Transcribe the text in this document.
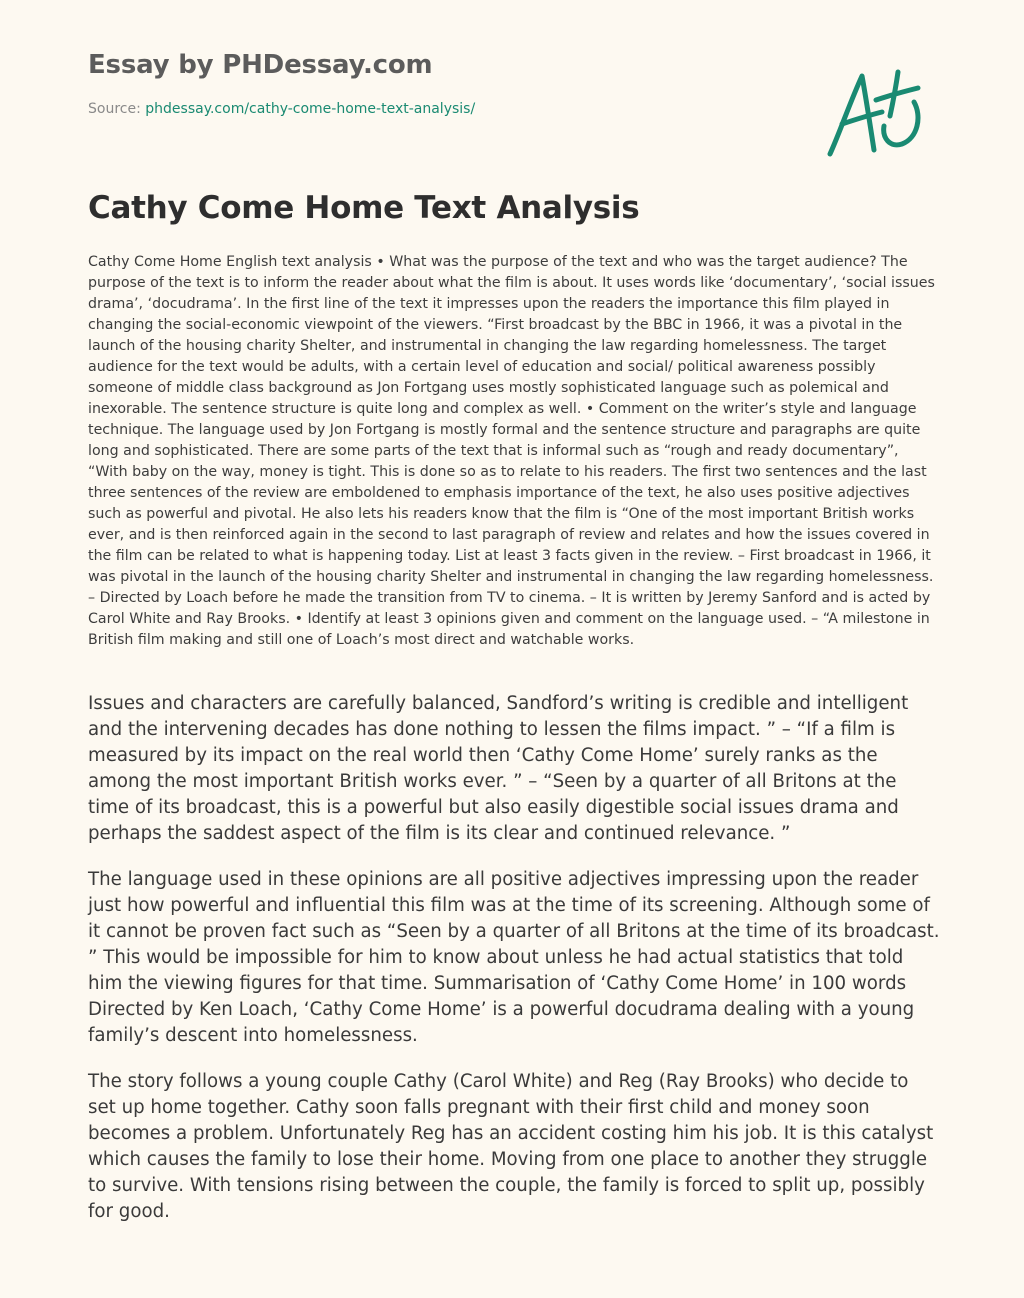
Essay by PHDessay.com

Source: phdessay.com/cathy-come-home-text-analysis/

Cathy Come Home Text Analysis

Cathy Come Home English text analysis • What was the purpose of the text and who was the target audience? The purpose of the text is to inform the reader about what the film is about. It uses words like ‘documentary’, ‘social issues drama’, ‘docudrama’. In the first line of the text it impresses upon the readers the importance this film played in changing the social-economic viewpoint of the viewers. “First broadcast by the BBC in 1966, it was a pivotal in the launch of the housing charity Shelter, and instrumental in changing the law regarding homelessness. The target audience for the text would be adults, with a certain level of education and social/ political awareness possibly someone of middle class background as Jon Fortgang uses mostly sophisticated language such as polemical and inexorable. The sentence structure is quite long and complex as well. • Comment on the writer’s style and language technique. The language used by Jon Fortgang is mostly formal and the sentence structure and paragraphs are quite long and sophisticated. There are some parts of the text that is informal such as “rough and ready documentary”, “With baby on the way, money is tight. This is done so as to relate to his readers. The first two sentences and the last three sentences of the review are emboldened to emphasis importance of the text, he also uses positive adjectives such as powerful and pivotal. He also lets his readers know that the film is “One of the most important British works ever, and is then reinforced again in the second to last paragraph of review and relates and how the issues covered in the film can be related to what is happening today. List at least 3 facts given in the review. – First broadcast in 1966, it was pivotal in the launch of the housing charity Shelter and instrumental in changing the law regarding homelessness. – Directed by Loach before he made the transition from TV to cinema. – It is written by Jeremy Sanford and is acted by Carol White and Ray Brooks. • Identify at least 3 opinions given and comment on the language used. – “A milestone in British film making and still one of Loach’s most direct and watchable works.

Issues and characters are carefully balanced, Sandford’s writing is credible and intelligent and the intervening decades has done nothing to lessen the films impact. ” – “If a film is measured by its impact on the real world then ‘Cathy Come Home’ surely ranks as the among the most important British works ever. ” – “Seen by a quarter of all Britons at the time of its broadcast, this is a powerful but also easily digestible social issues drama and perhaps the saddest aspect of the film is its clear and continued relevance. ”

The language used in these opinions are all positive adjectives impressing upon the reader just how powerful and influential this film was at the time of its screening. Although some of it cannot be proven fact such as “Seen by a quarter of all Britons at the time of its broadcast. ” This would be impossible for him to know about unless he had actual statistics that told him the viewing figures for that time. Summarisation of ‘Cathy Come Home’ in 100 words Directed by Ken Loach, ‘Cathy Come Home’ is a powerful docudrama dealing with a young family’s descent into homelessness.

The story follows a young couple Cathy (Carol White) and Reg (Ray Brooks) who decide to set up home together. Cathy soon falls pregnant with their first child and money soon becomes a problem. Unfortunately Reg has an accident costing him his job. It is this catalyst which causes the family to lose their home. Moving from one place to another they struggle to survive. With tensions rising between the couple, the family is forced to split up, possibly for good.
